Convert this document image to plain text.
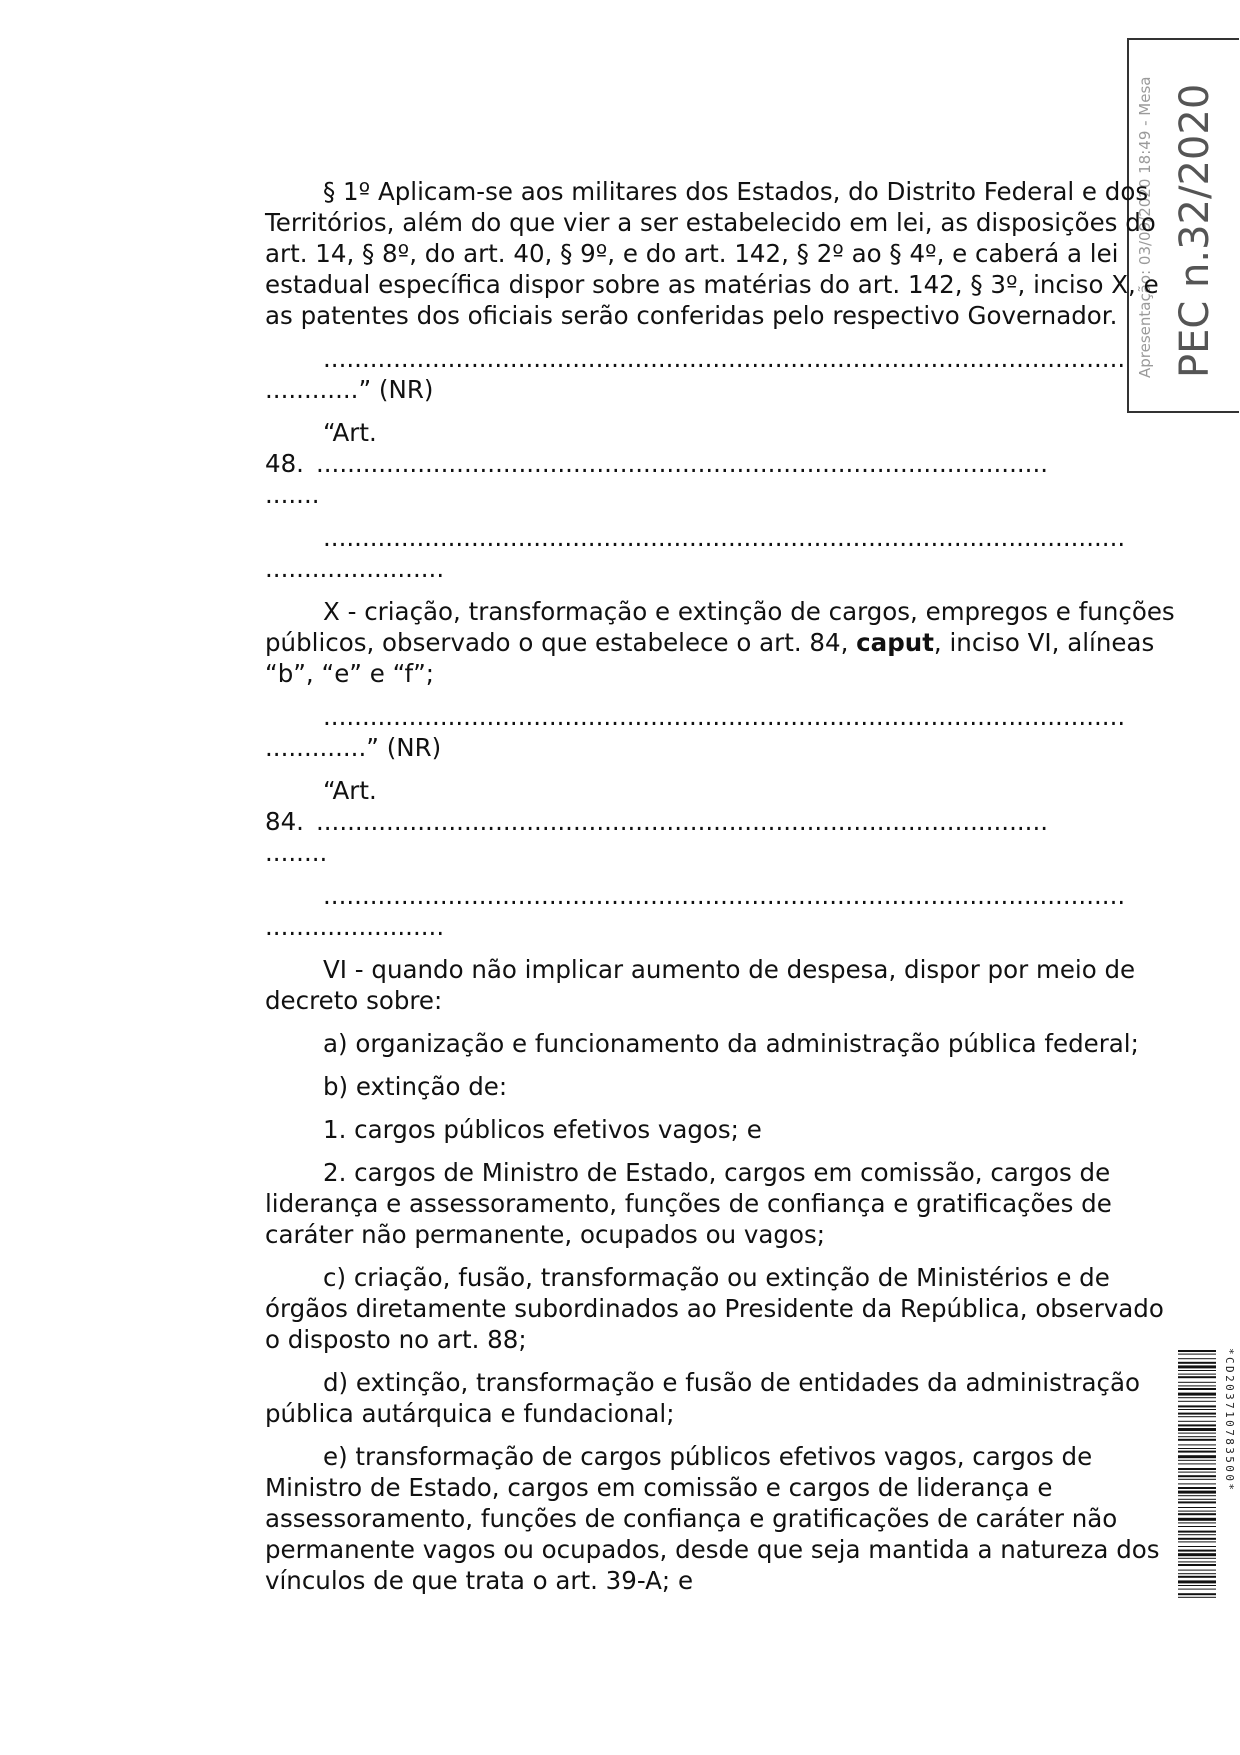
Apresentação: 03/09/2020 18:49 - Mesa PEC n.32/2020
*CD203710783500*

§ 1º Aplicam-se aos militares dos Estados, do Distrito Federal e dos Territórios, além do que vier a ser estabelecido em lei, as disposições do art. 14, § 8º, do art. 40, § 9º, e do art. 142, § 2º ao § 4º, e caberá a lei estadual específica dispor sobre as matérias do art. 142, § 3º, inciso X, e as patentes dos oficiais serão conferidas pelo respectivo Governador.

.......................................................................................................

............” (NR)

“Art.
48. ..............................................................................................

.......

.......................................................................................................

.......................

X - criação, transformação e extinção de cargos, empregos e funções públicos, observado o que estabelece o art. 84, caput, inciso VI, alíneas “b”, “e” e “f”;

.......................................................................................................

.............” (NR)

“Art.
84. ..............................................................................................

........

.......................................................................................................

.......................

VI - quando não implicar aumento de despesa, dispor por meio de decreto sobre:

a) organização e funcionamento da administração pública federal;

b) extinção de:

1. cargos públicos efetivos vagos; e

2. cargos de Ministro de Estado, cargos em comissão, cargos de liderança e assessoramento, funções de confiança e gratificações de caráter não permanente, ocupados ou vagos;

c) criação, fusão, transformação ou extinção de Ministérios e de órgãos diretamente subordinados ao Presidente da República, observado o disposto no art. 88;

d) extinção, transformação e fusão de entidades da administração pública autárquica e fundacional;

e) transformação de cargos públicos efetivos vagos, cargos de Ministro de Estado, cargos em comissão e cargos de liderança e assessoramento, funções de confiança e gratificações de caráter não permanente vagos ou ocupados, desde que seja mantida a natureza dos vínculos de que trata o art. 39-A; e
